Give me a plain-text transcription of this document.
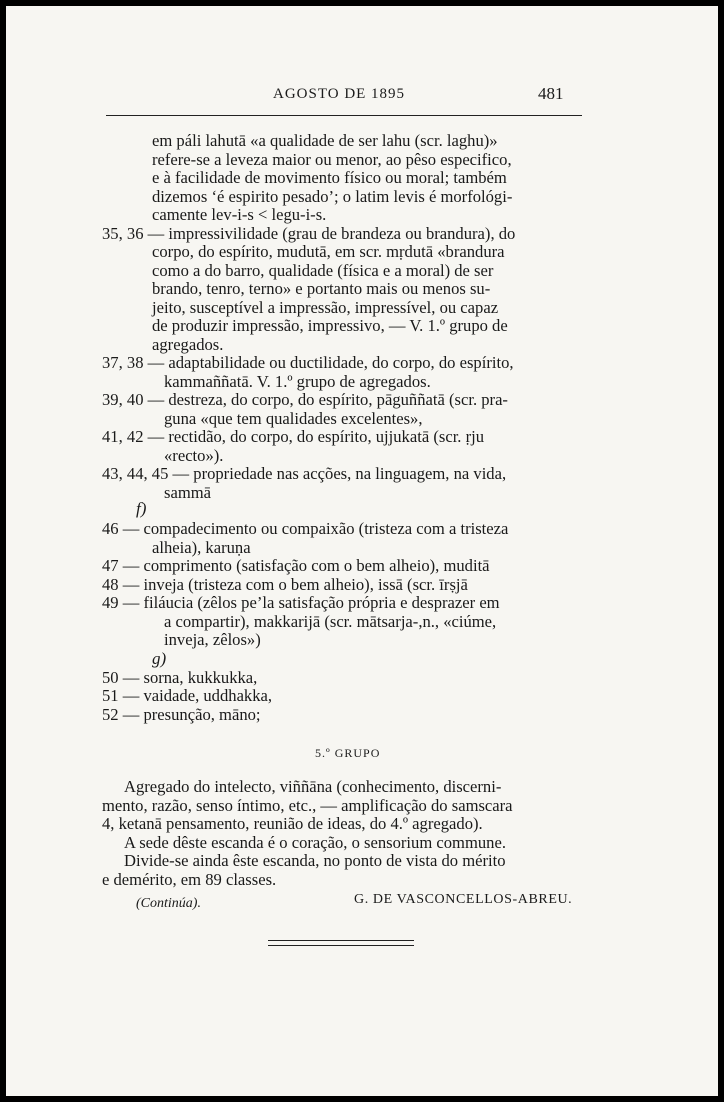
AGOSTO DE 1895	481
em páli lahutā «a qualidade de ser lahu (scr. laghu)»
refere-se a leveza maior ou menor, ao pêso especifico,
e à facilidade de movimento físico ou moral; também
dizemos ‘é espirito pesado’; o latim levis é morfológi-
camente lev-i-s < legu-i-s.
35, 36 — impressivilidade (grau de brandeza ou brandura), do
corpo, do espírito, mudutā, em scr. mṛdutā «brandura
como a do barro, qualidade (física e a moral) de ser
brando, tenro, terno» e portanto mais ou menos su-
jeito, susceptível a impressão, impressível, ou capaz
de produzir impressão, impressivo, — V. 1.º grupo de
agregados.
37, 38 — adaptabilidade ou ductilidade, do corpo, do espírito,
kammaññatā. V. 1.º grupo de agregados.
39, 40 — destreza, do corpo, do espírito, pāguññatā (scr. pra-
guna «que tem qualidades excelentes»,
41, 42 — rectidão, do corpo, do espírito, ujjukatā (scr. ṛju
«recto»).
43, 44, 45 — propriedade nas acções, na linguagem, na vida,
sammā
f)
46 — compadecimento ou compaixão (tristeza com a tristeza
alheia), karuṇa
47 — comprimento (satisfação com o bem alheio), muditā
48 — inveja (tristeza com o bem alheio), issā (scr. īrṣjā
49 — filáucia (zêlos pe’la satisfação própria e desprazer em
a compartir), makkarijā (scr. mātsarja-,n., «ciúme,
inveja, zêlos»)
g)
50 — sorna, kukkukka,
51 — vaidade, uddhakka,
52 — presunção, māno;
5.º GRUPO
Agregado do intelecto, viññāna (conhecimento, discerni-
mento, razão, senso íntimo, etc., — amplificação do samscara
4, ketanā pensamento, reunião de ideas, do 4.º agregado).
A sede dêste escanda é o coração, o sensorium commune.
Divide-se ainda êste escanda, no ponto de vista do mérito
e demérito, em 89 classes.
(Continúa).	G. DE VASCONCELLOS-ABREU.
